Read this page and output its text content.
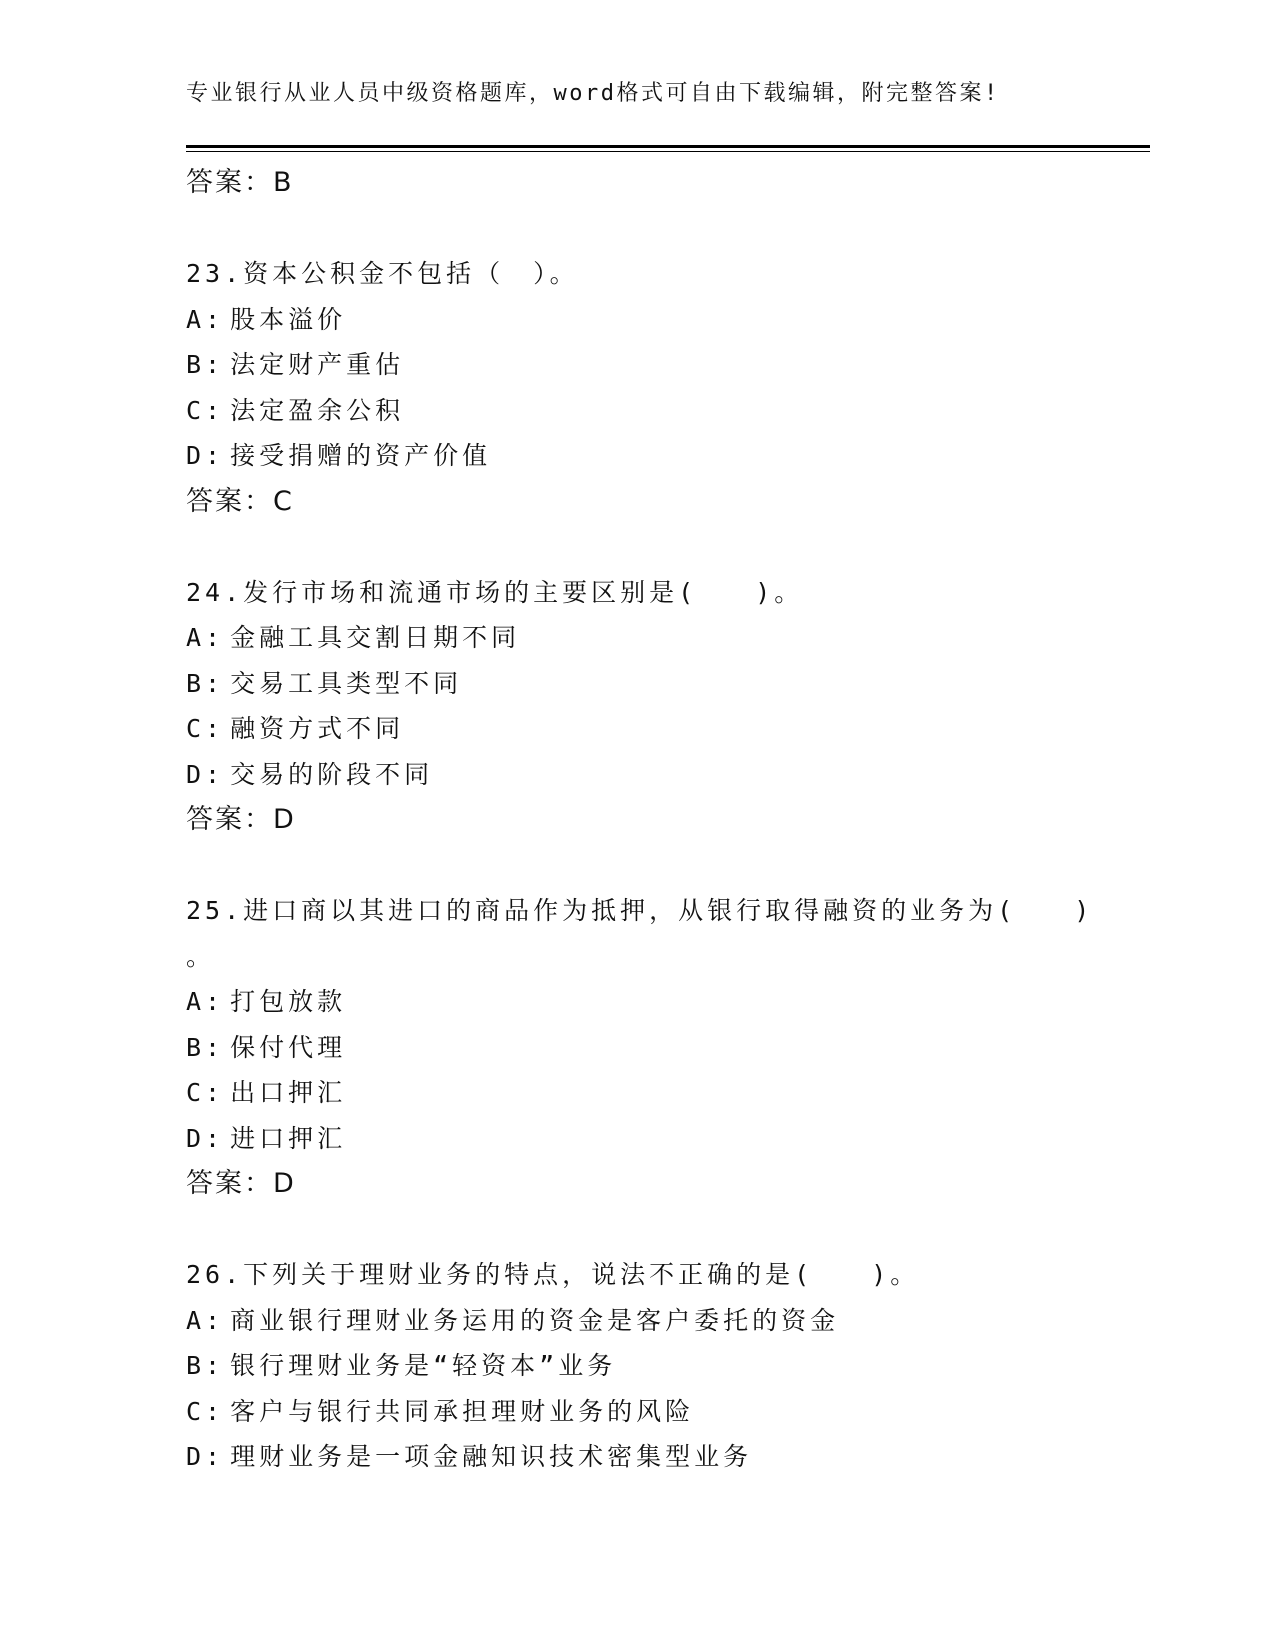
专业银行从业人员中级资格题库，word格式可自由下载编辑，附完整答案!
答案：B
23.资本公积金不包括（　）。
A: 股本溢价
B: 法定财产重估
C: 法定盈余公积
D: 接受捐赠的资产价值
答案：C
24.发行市场和流通市场的主要区别是(　　)。
A: 金融工具交割日期不同
B: 交易工具类型不同
C: 融资方式不同
D: 交易的阶段不同
答案：D
25.进口商以其进口的商品作为抵押，从银行取得融资的业务为(　　)
。
A: 打包放款
B: 保付代理
C: 出口押汇
D: 进口押汇
答案：D
26.下列关于理财业务的特点，说法不正确的是(　　)。
A: 商业银行理财业务运用的资金是客户委托的资金
B: 银行理财业务是“轻资本”业务
C: 客户与银行共同承担理财业务的风险
D: 理财业务是一项金融知识技术密集型业务
